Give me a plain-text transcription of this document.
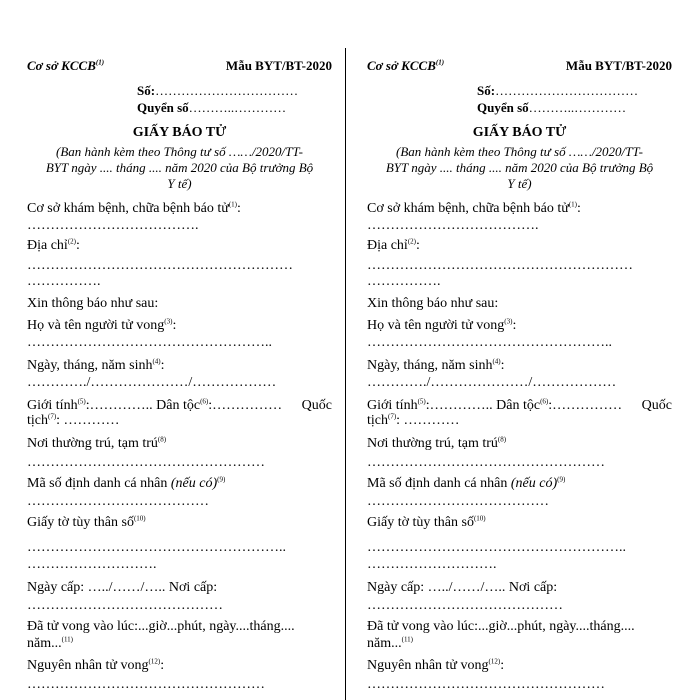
Cơ sở KCCB$^{(1)}$	Mẫu BYT/BT-2020
Số:……………………………
Quyển số………..…………
GIẤY BÁO TỬ
(Ban hành kèm theo Thông tư số ……/2020/TT-
BYT ngày .... tháng .... năm 2020 của Bộ trưởng Bộ
Y tế)
Cơ sở khám bệnh, chữa bệnh báo tử$^{(1)}$:
……………………………….
Địa chỉ$^{(2)}$:
…………………………………………………
…………….
Xin thông báo như sau:
Họ và tên người tử vong$^{(3)}$:
……………………………………………..
Ngày, tháng, năm $\sinh^{(4)}$:
…………./…………………/………………
Giới tính$^{(5)}$:………….. Dân tộc$^{(6)}$:…………… Quốc
tịch$^{(7)}$: …………
Nơi thường trú, tạm trú$^{(8)}$
……………………………………………
Mã số định danh cá nhân (nếu có)$^{(9)}$
…………………………………
Giấy tờ tùy thân số$^{(10)}$
………………………………………………..
……………………….
Ngày cấp: …../……/….. Nơi cấp:
……………………………………
Đã tử vong vào lúc:...giờ...phút, ngày....tháng....
năm...$^{(11)}$
Nguyên nhân tử vong$^{(12)}$:
……………………………………………
Cơ sở KCCB$^{(1)}$	Mẫu BYT/BT-2020
Số:……………………………
Quyển số………..…………
GIẤY BÁO TỬ
(Ban hành kèm theo Thông tư số ……/2020/TT-
BYT ngày .... tháng .... năm 2020 của Bộ trưởng Bộ
Y tế)
Cơ sở khám bệnh, chữa bệnh báo tử$^{(1)}$:
……………………………….
Địa chỉ$^{(2)}$:
…………………………………………………
…………….
Xin thông báo như sau:
Họ và tên người tử vong$^{(3)}$:
……………………………………………..
Ngày, tháng, năm $\sinh^{(4)}$:
…………./…………………/………………
Giới tính$^{(5)}$:………….. Dân tộc$^{(6)}$:…………… Quốc
tịch$^{(7)}$: …………
Nơi thường trú, tạm trú$^{(8)}$
……………………………………………
Mã số định danh cá nhân (nếu có)$^{(9)}$
…………………………………
Giấy tờ tùy thân số$^{(10)}$
………………………………………………..
……………………….
Ngày cấp: …../……/….. Nơi cấp:
……………………………………
Đã tử vong vào lúc:...giờ...phút, ngày....tháng....
năm...$^{(11)}$
Nguyên nhân tử vong$^{(12)}$:
……………………………………………
